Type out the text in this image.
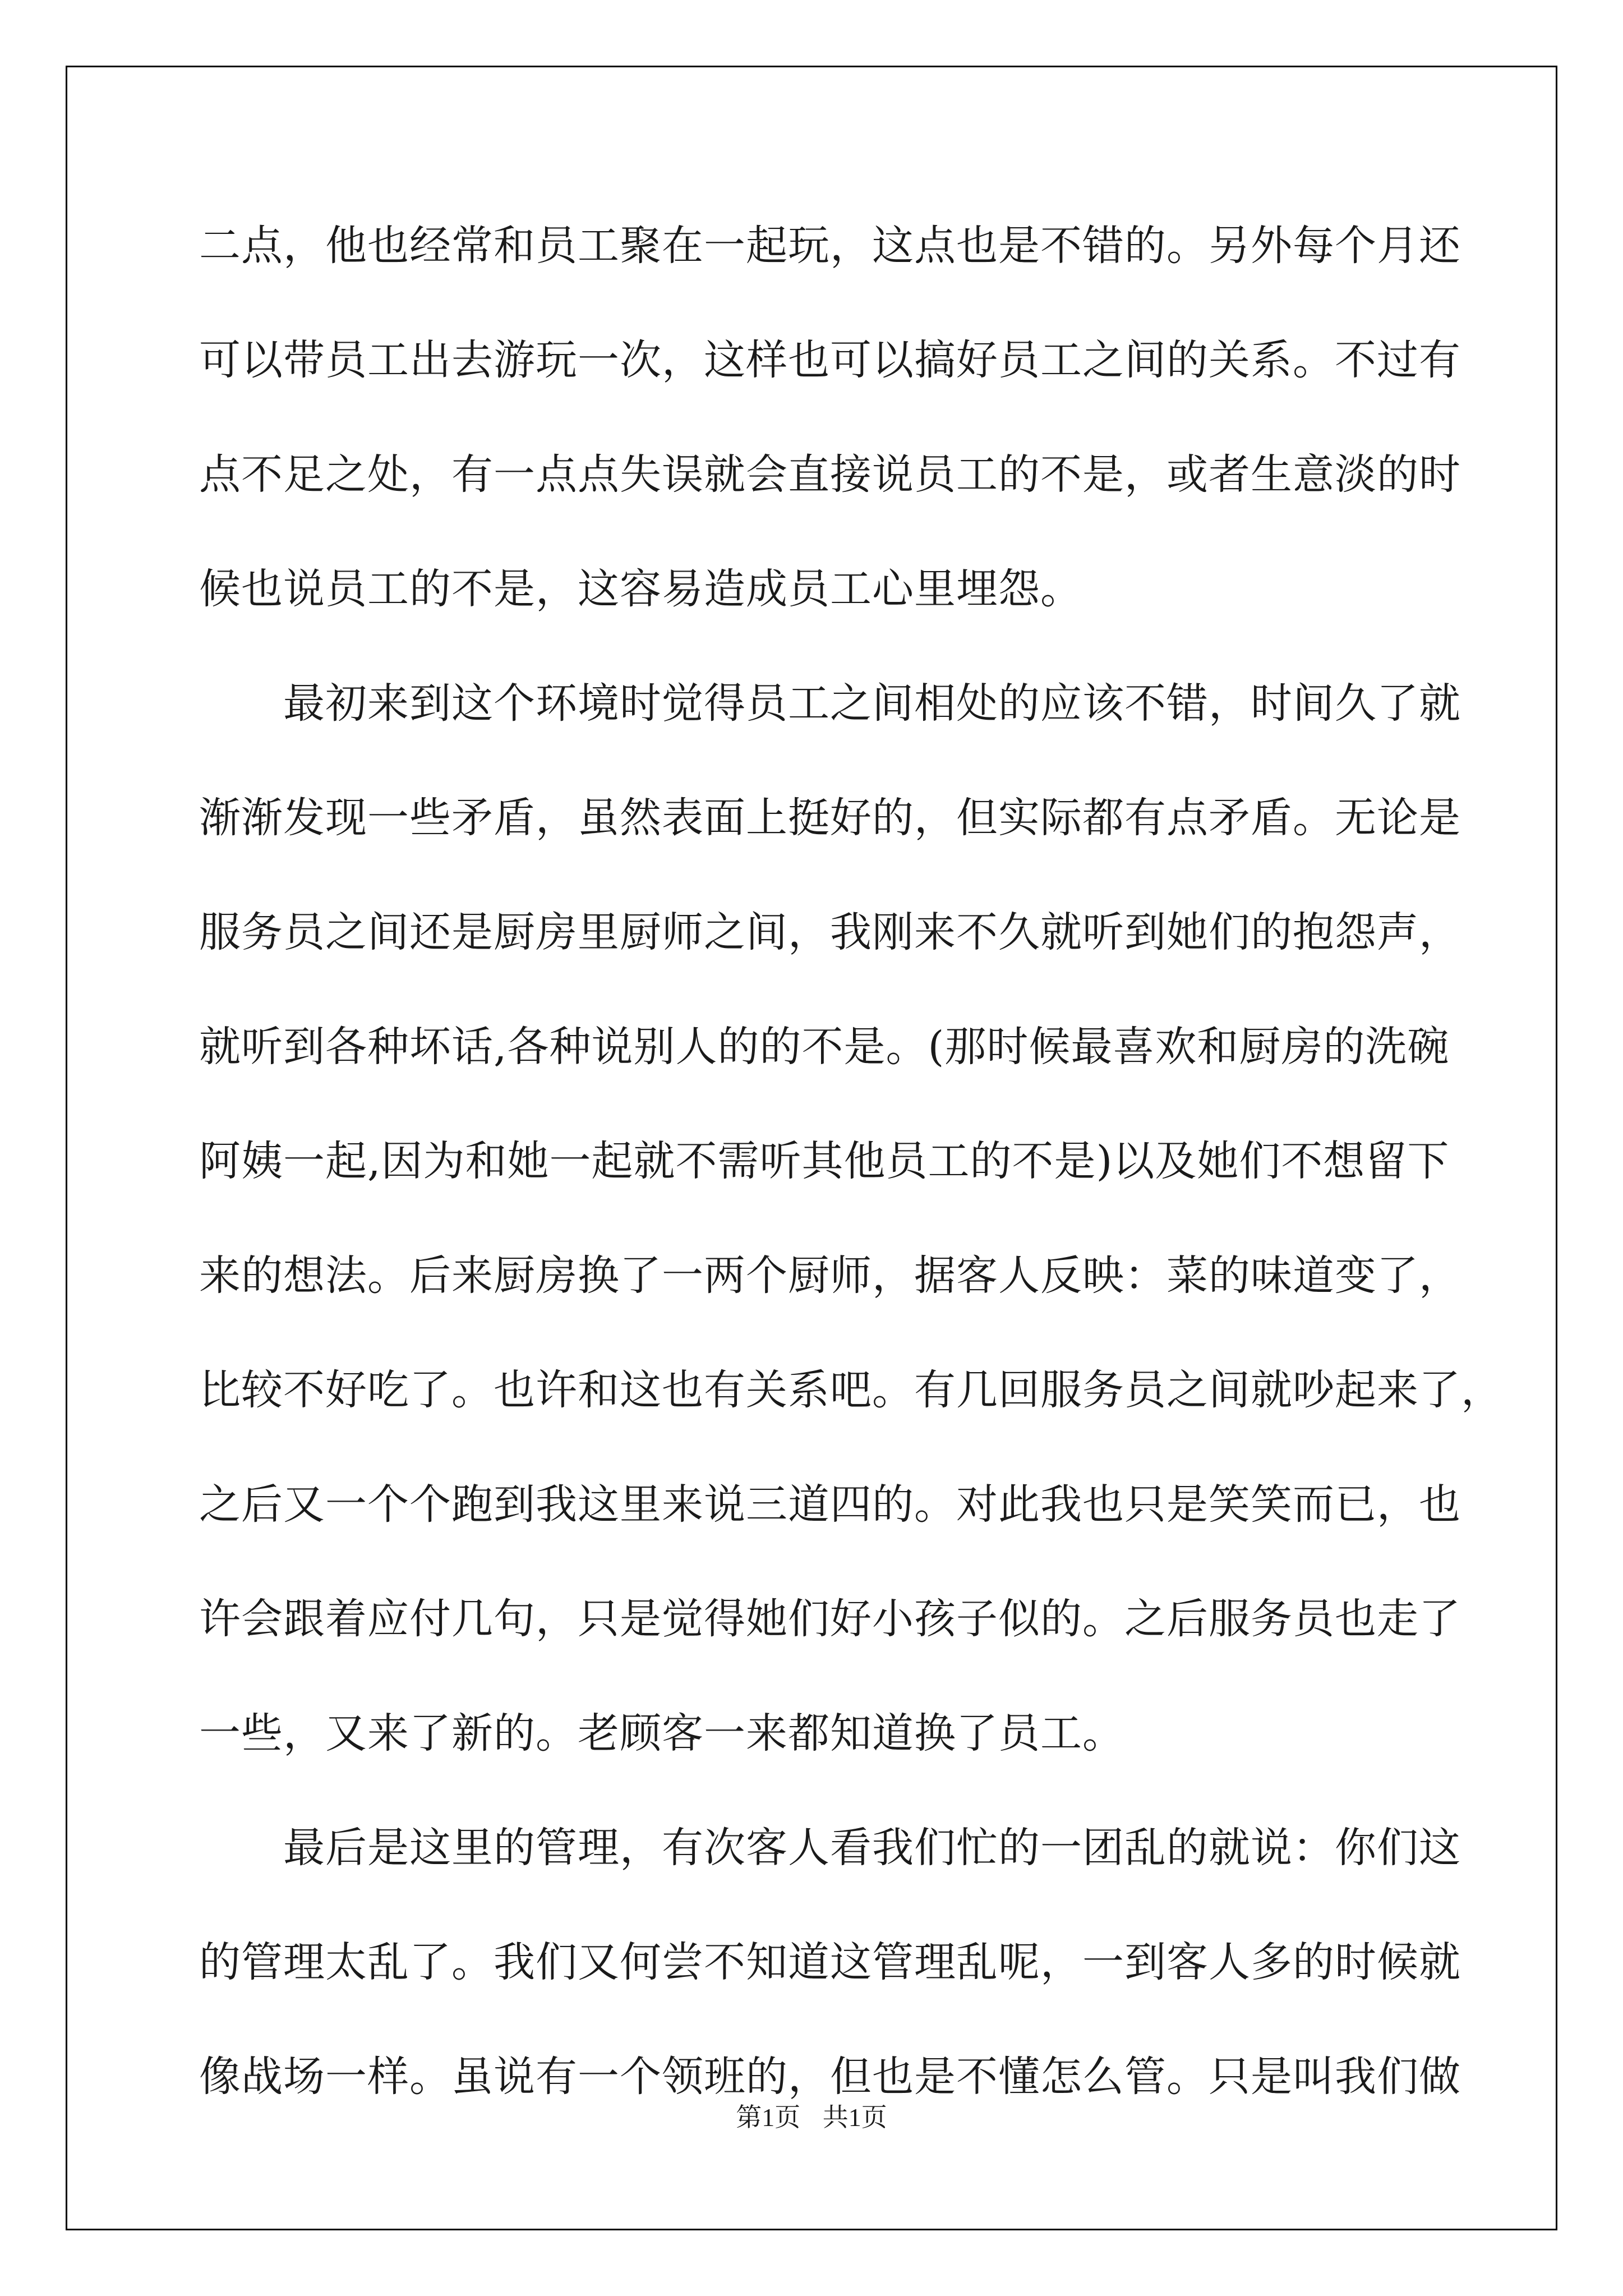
二点，他也经常和员工聚在一起玩，这点也是不错的。另外每个月还
可以带员工出去游玩一次，这样也可以搞好员工之间的关系。不过有
点不足之处，有一点点失误就会直接说员工的不是，或者生意淡的时
候也说员工的不是，这容易造成员工心里埋怨。
最初来到这个环境时觉得员工之间相处的应该不错，时间久了就
渐渐发现一些矛盾，虽然表面上挺好的，但实际都有点矛盾。无论是
服务员之间还是厨房里厨师之间，我刚来不久就听到她们的抱怨声，
就听到各种坏话,各种说别人的的不是。(那时候最喜欢和厨房的洗碗
阿姨一起,因为和她一起就不需听其他员工的不是)以及她们不想留下
来的想法。后来厨房换了一两个厨师，据客人反映：菜的味道变了，
比较不好吃了。也许和这也有关系吧。有几回服务员之间就吵起来了，
之后又一个个跑到我这里来说三道四的。对此我也只是笑笑而已，也
许会跟着应付几句，只是觉得她们好小孩子似的。之后服务员也走了
一些，又来了新的。老顾客一来都知道换了员工。
最后是这里的管理，有次客人看我们忙的一团乱的就说：你们这
的管理太乱了。我们又何尝不知道这管理乱呢，一到客人多的时候就
像战场一样。虽说有一个领班的，但也是不懂怎么管。只是叫我们做
第1页 共1页
